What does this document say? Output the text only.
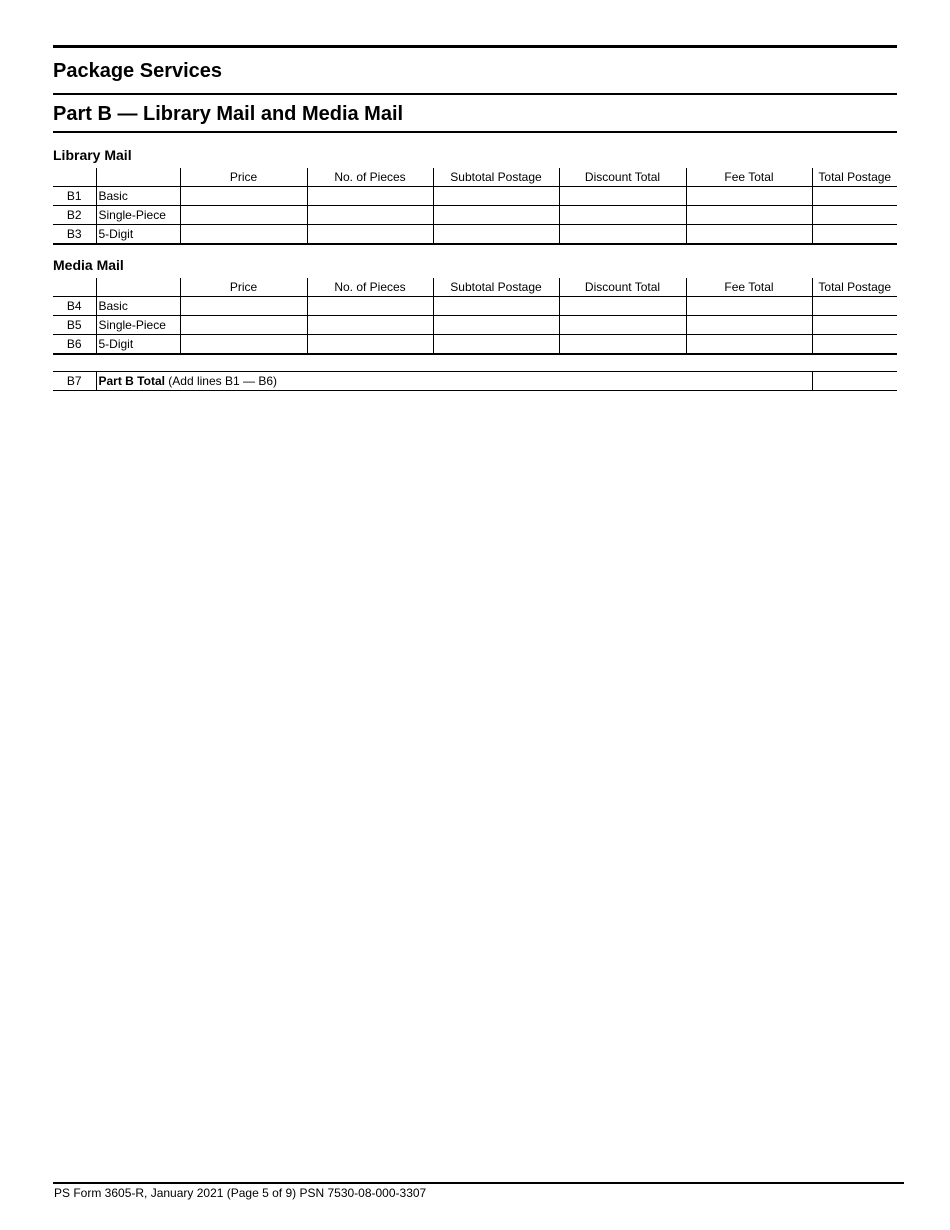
Package Services
Part B — Library Mail and Media Mail
Library Mail
		Price	No. of Pieces	Subtotal Postage	Discount Total	Fee Total	Total Postage
B1	Basic						
B2	Single-Piece						
B3	5-Digit						
Media Mail
		Price	No. of Pieces	Subtotal Postage	Discount Total	Fee Total	Total Postage
B4	Basic						
B5	Single-Piece						
B6	5-Digit						
B7	Part B Total (Add lines B1 — B6)	
PS Form 3605-R, January 2021 (Page 5 of 9) PSN 7530-08-000-3307
